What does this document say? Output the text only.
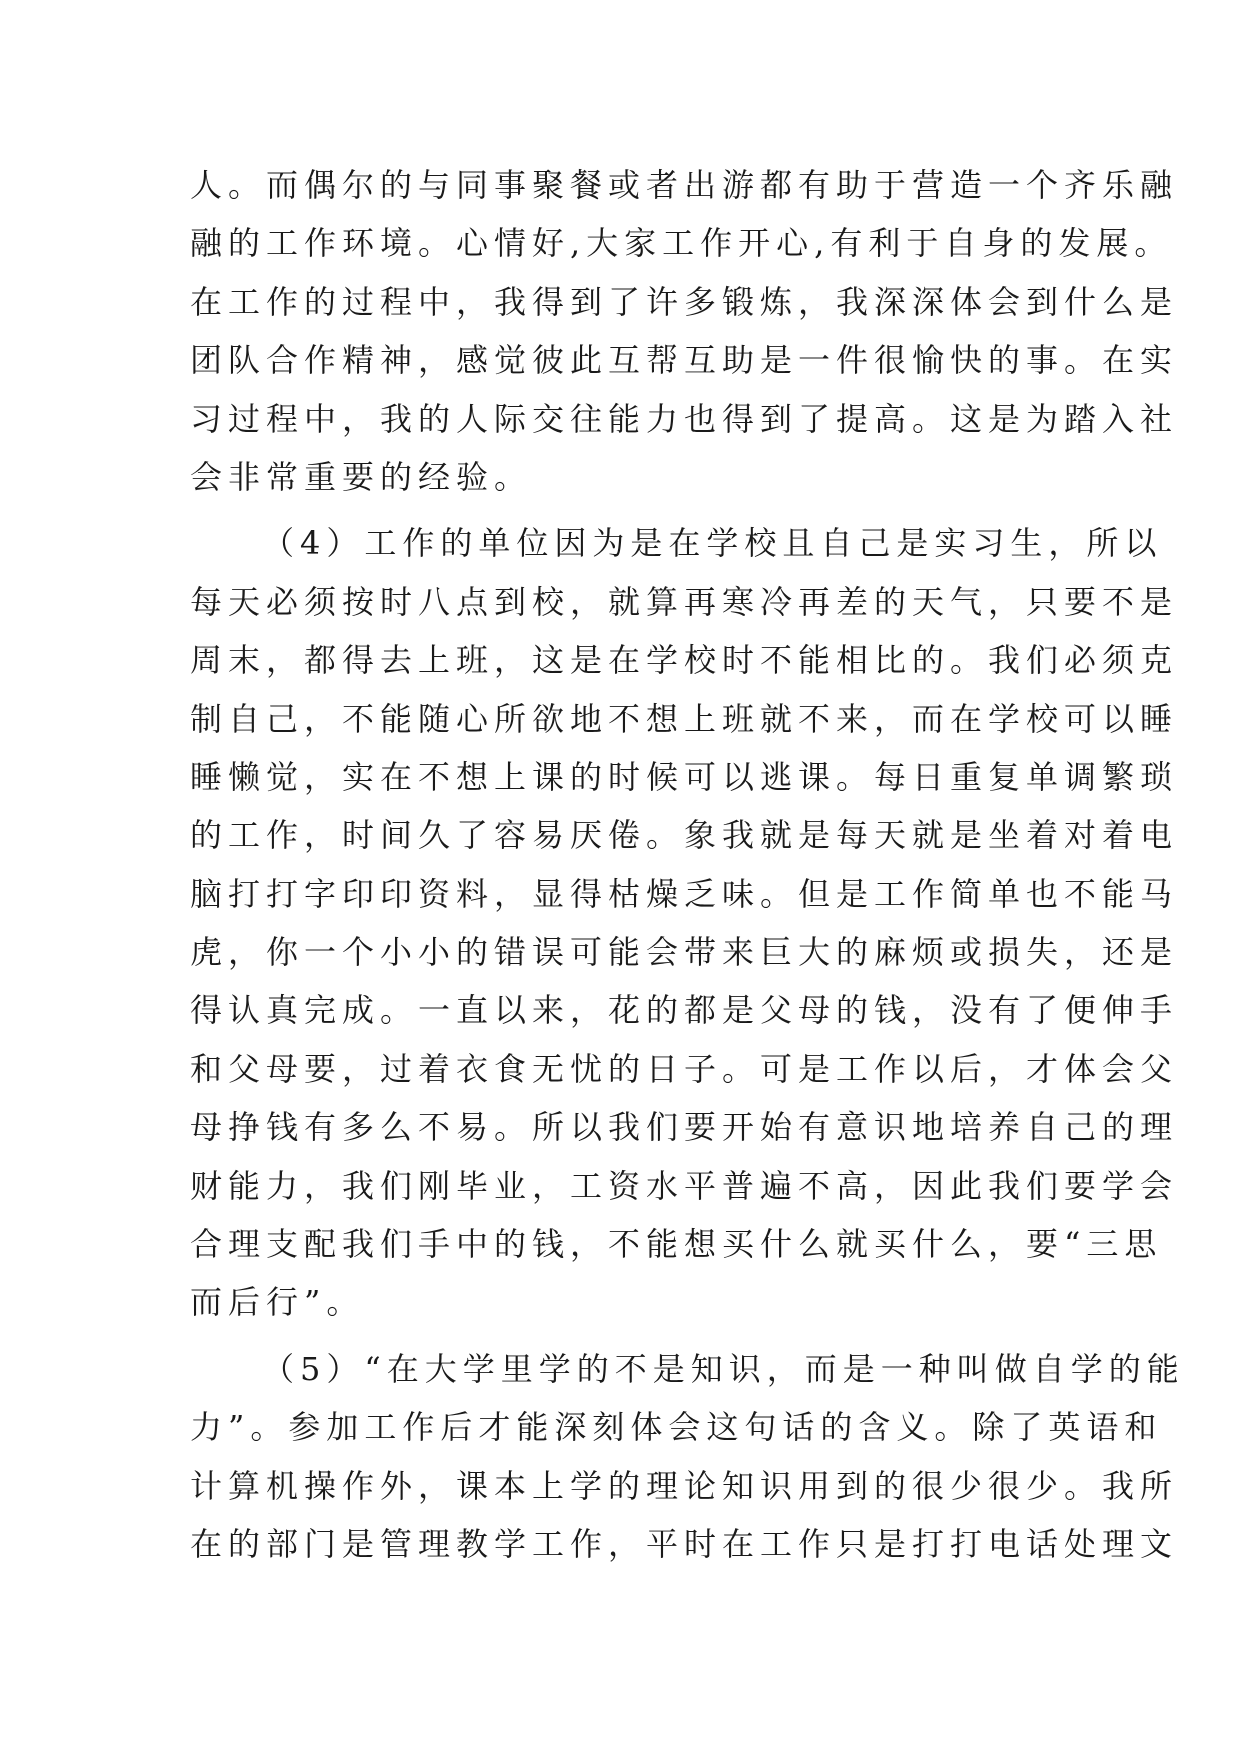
人。而偶尔的与同事聚餐或者出游都有助于营造一个齐乐融
融的工作环境。心情好,大家工作开心,有利于自身的发展。
在工作的过程中，我得到了许多锻炼，我深深体会到什么是
团队合作精神，感觉彼此互帮互助是一件很愉快的事。在实
习过程中，我的人际交往能力也得到了提高。这是为踏入社
会非常重要的经验。
（4）工作的单位因为是在学校且自己是实习生，所以
每天必须按时八点到校，就算再寒冷再差的天气，只要不是
周末，都得去上班，这是在学校时不能相比的。我们必须克
制自己，不能随心所欲地不想上班就不来，而在学校可以睡
睡懒觉，实在不想上课的时候可以逃课。每日重复单调繁琐
的工作，时间久了容易厌倦。象我就是每天就是坐着对着电
脑打打字印印资料，显得枯燥乏味。但是工作简单也不能马
虎，你一个小小的错误可能会带来巨大的麻烦或损失，还是
得认真完成。一直以来，花的都是父母的钱，没有了便伸手
和父母要，过着衣食无忧的日子。可是工作以后，才体会父
母挣钱有多么不易。所以我们要开始有意识地培养自己的理
财能力，我们刚毕业，工资水平普遍不高，因此我们要学会
合理支配我们手中的钱，不能想买什么就买什么，要“三思
而后行”。
（5）“在大学里学的不是知识，而是一种叫做自学的能
力”。参加工作后才能深刻体会这句话的含义。除了英语和
计算机操作外，课本上学的理论知识用到的很少很少。我所
在的部门是管理教学工作，平时在工作只是打打电话处理文
